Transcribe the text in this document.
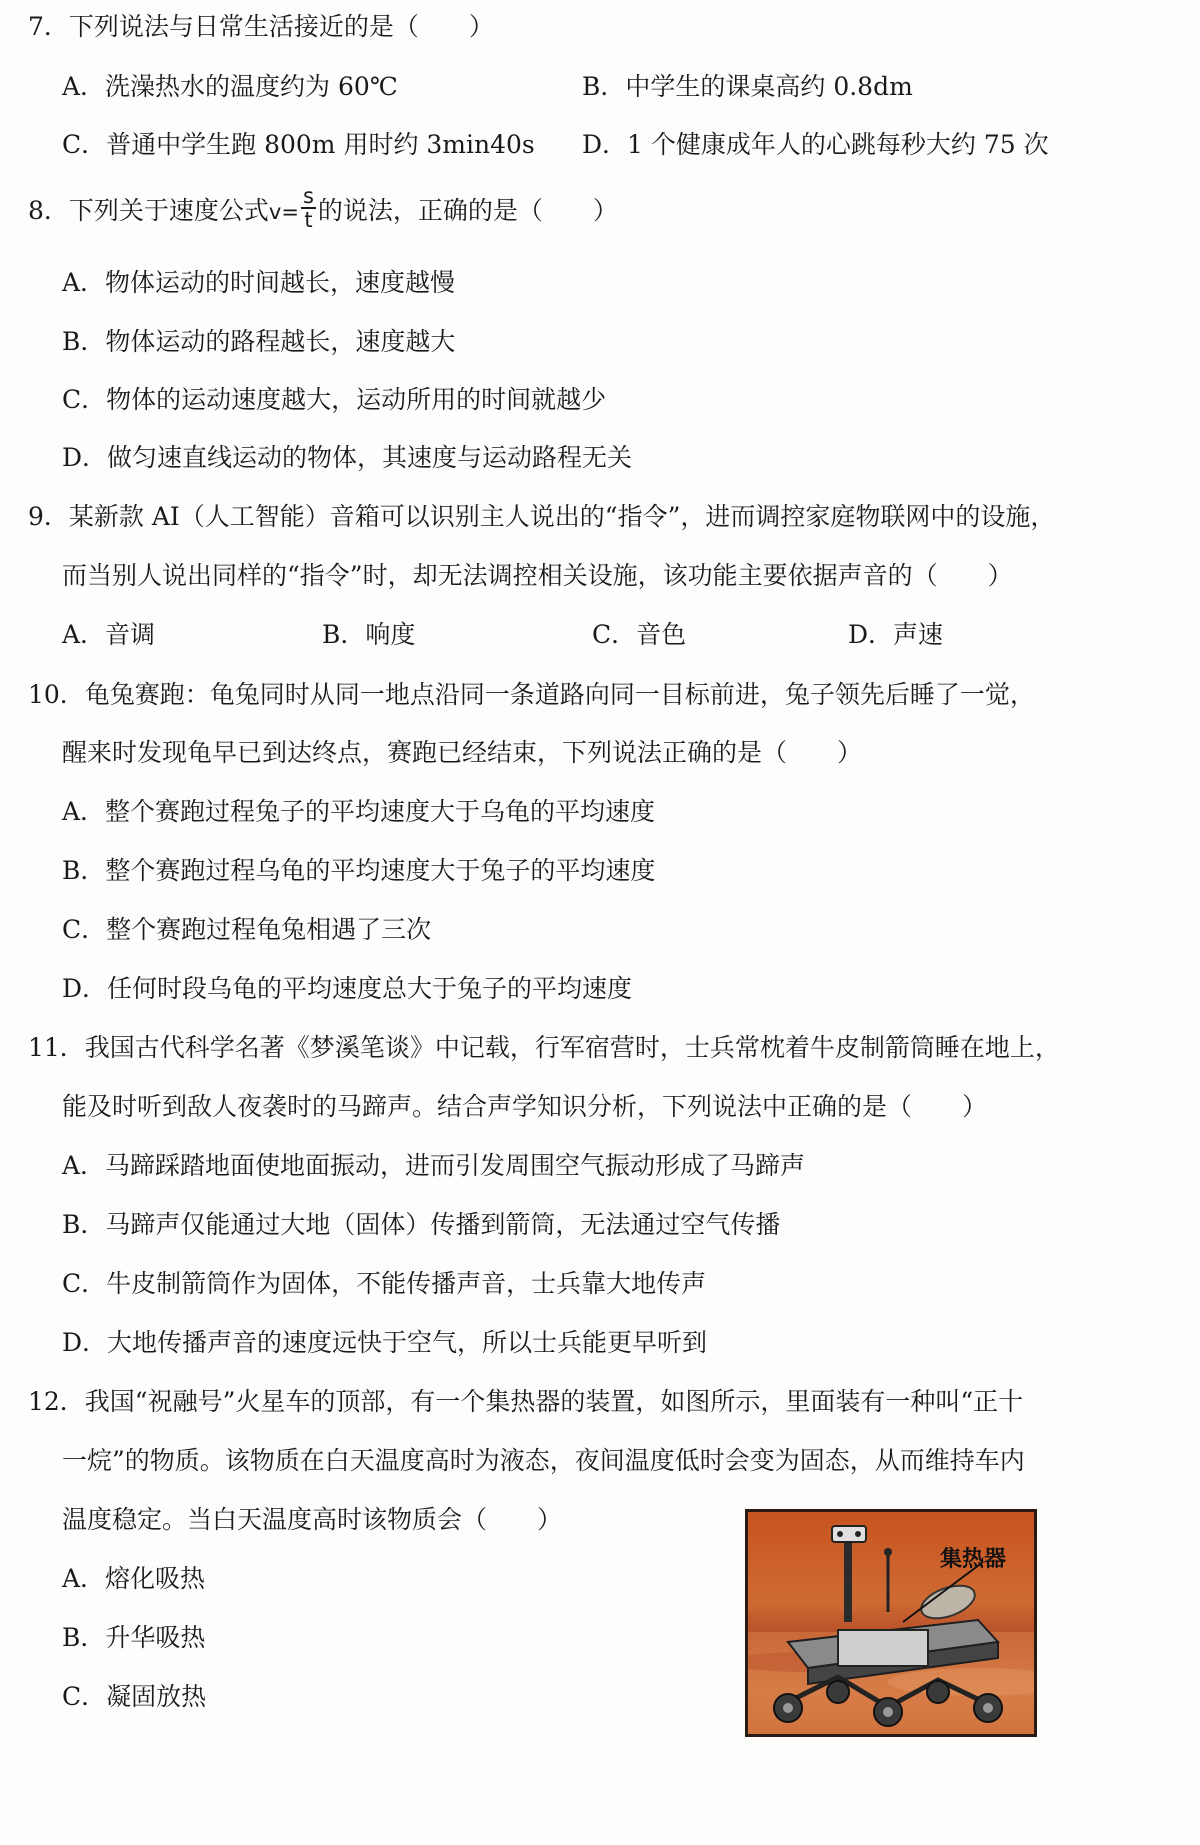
7．下列说法与日常生活接近的是（　　）
A．洗澡热水的温度约为 60℃	B．中学生的课桌高约 0.8dm
C．普通中学生跑 800m 用时约 3min40s D．1 个健康成年人的心跳每秒大约 75 次
8．下列关于速度公式$v= \frac{s}{t}$ 的说法，正确的是（　　）
A．物体运动的时间越长，速度越慢
B．物体运动的路程越长，速度越大
C．物体的运动速度越大，运动所用的时间就越少
D．做匀速直线运动的物体，其速度与运动路程无关
9．某新款 AI（人工智能）音箱可以识别主人说出的“指令”，进而调控家庭物联网中的设施，
而当别人说出同样的“指令”时，却无法调控相关设施，该功能主要依据声音的（　　）
A．音调	B．响度	C．音色	D．声速
10．龟兔赛跑：龟兔同时从同一地点沿同一条道路向同一目标前进，兔子领先后睡了一觉，
醒来时发现龟早已到达终点，赛跑已经结束，下列说法正确的是（　　）
A．整个赛跑过程兔子的平均速度大于乌龟的平均速度
B．整个赛跑过程乌龟的平均速度大于兔子的平均速度
C．整个赛跑过程龟兔相遇了三次
D．任何时段乌龟的平均速度总大于兔子的平均速度
11．我国古代科学名著《梦溪笔谈》中记载，行军宿营时，士兵常枕着牛皮制箭筒睡在地上，
能及时听到敌人夜袭时的马蹄声。结合声学知识分析，下列说法中正确的是（　　）
A．马蹄踩踏地面使地面振动，进而引发周围空气振动形成了马蹄声
B．马蹄声仅能通过大地（固体）传播到箭筒，无法通过空气传播
C．牛皮制箭筒作为固体，不能传播声音，士兵靠大地传声
D．大地传播声音的速度远快于空气，所以士兵能更早听到
12．我国“祝融号”火星车的顶部，有一个集热器的装置，如图所示，里面装有一种叫“正十
一烷”的物质。该物质在白天温度高时为液态，夜间温度低时会变为固态，从而维持车内
温度稳定。当白天温度高时该物质会（　　）
A．熔化吸热
B．升华吸热
C．凝固放热
集热器
